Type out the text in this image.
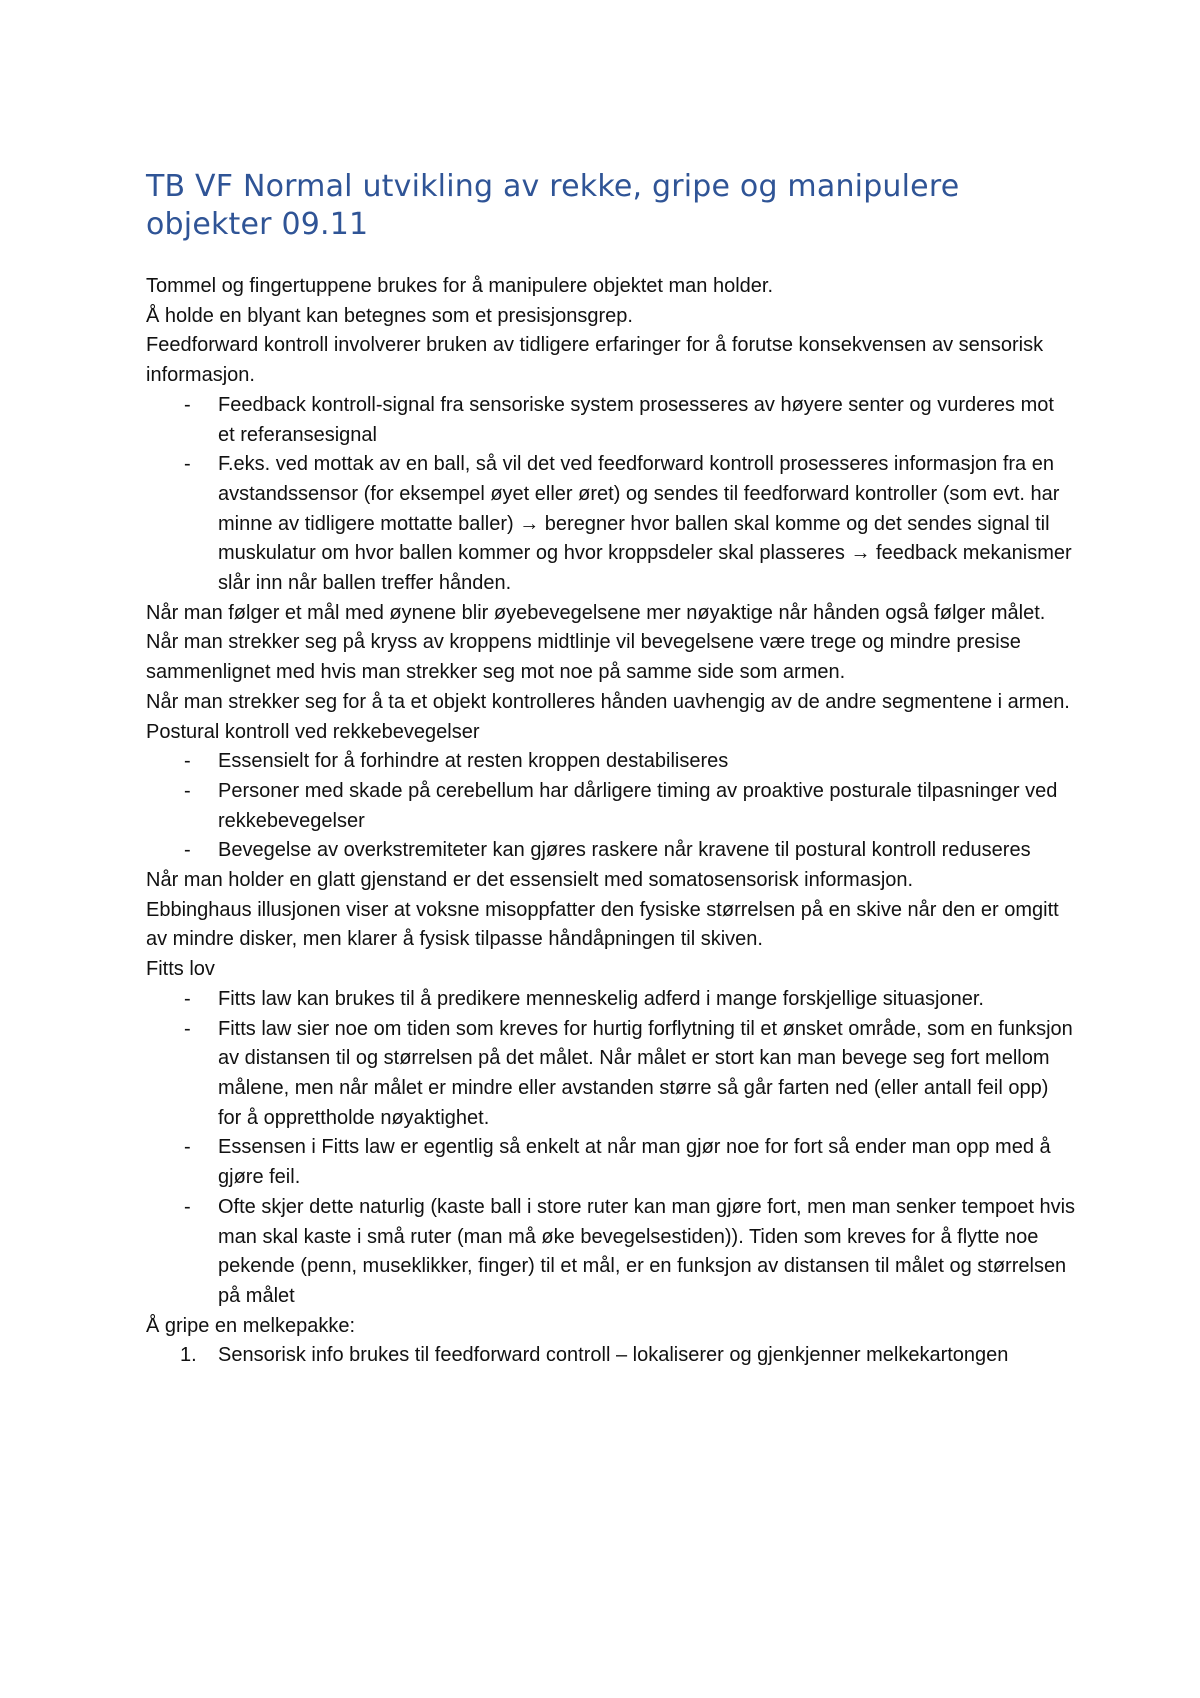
TB VF Normal utvikling av rekke, gripe og manipulere objekter 09.11

Tommel og fingertuppene brukes for å manipulere objektet man holder.

Å holde en blyant kan betegnes som et presisjonsgrep.

Feedforward kontroll involverer bruken av tidligere erfaringer for å forutse konsekvensen av sensorisk informasjon.

- Feedback kontroll-signal fra sensoriske system prosesseres av høyere senter og vurderes mot et referansesignal
- F.eks. ved mottak av en ball, så vil det ved feedforward kontroll prosesseres informasjon fra en avstandssensor (for eksempel øyet eller øret) og sendes til feedforward kontroller (som evt. har minne av tidligere mottatte baller) → beregner hvor ballen skal komme og det sendes signal til muskulatur om hvor ballen kommer og hvor kroppsdeler skal plasseres → feedback mekanismer slår inn når ballen treffer hånden.

Når man følger et mål med øynene blir øyebevegelsene mer nøyaktige når hånden også følger målet.

Når man strekker seg på kryss av kroppens midtlinje vil bevegelsene være trege og mindre presise sammenlignet med hvis man strekker seg mot noe på samme side som armen.

Når man strekker seg for å ta et objekt kontrolleres hånden uavhengig av de andre segmentene i armen.

Postural kontroll ved rekkebevegelser

- Essensielt for å forhindre at resten kroppen destabiliseres
- Personer med skade på cerebellum har dårligere timing av proaktive posturale tilpasninger ved rekkebevegelser
- Bevegelse av overkstremiteter kan gjøres raskere når kravene til postural kontroll reduseres

Når man holder en glatt gjenstand er det essensielt med somatosensorisk informasjon.

Ebbinghaus illusjonen viser at voksne misoppfatter den fysiske størrelsen på en skive når den er omgitt av mindre disker, men klarer å fysisk tilpasse håndåpningen til skiven.

Fitts lov

- Fitts law kan brukes til å predikere menneskelig adferd i mange forskjellige situasjoner.
- Fitts law sier noe om tiden som kreves for hurtig forflytning til et ønsket område, som en funksjon av distansen til og størrelsen på det målet. Når målet er stort kan man bevege seg fort mellom målene, men når målet er mindre eller avstanden større så går farten ned (eller antall feil opp) for å opprettholde nøyaktighet.
- Essensen i Fitts law er egentlig så enkelt at når man gjør noe for fort så ender man opp med å gjøre feil.
- Ofte skjer dette naturlig (kaste ball i store ruter kan man gjøre fort, men man senker tempoet hvis man skal kaste i små ruter (man må øke bevegelsestiden)). Tiden som kreves for å flytte noe pekende (penn, museklikker, finger) til et mål, er en funksjon av distansen til målet og størrelsen på målet

Å gripe en melkepakke:

1. Sensorisk info brukes til feedforward controll – lokaliserer og gjenkjenner melkekartongen
